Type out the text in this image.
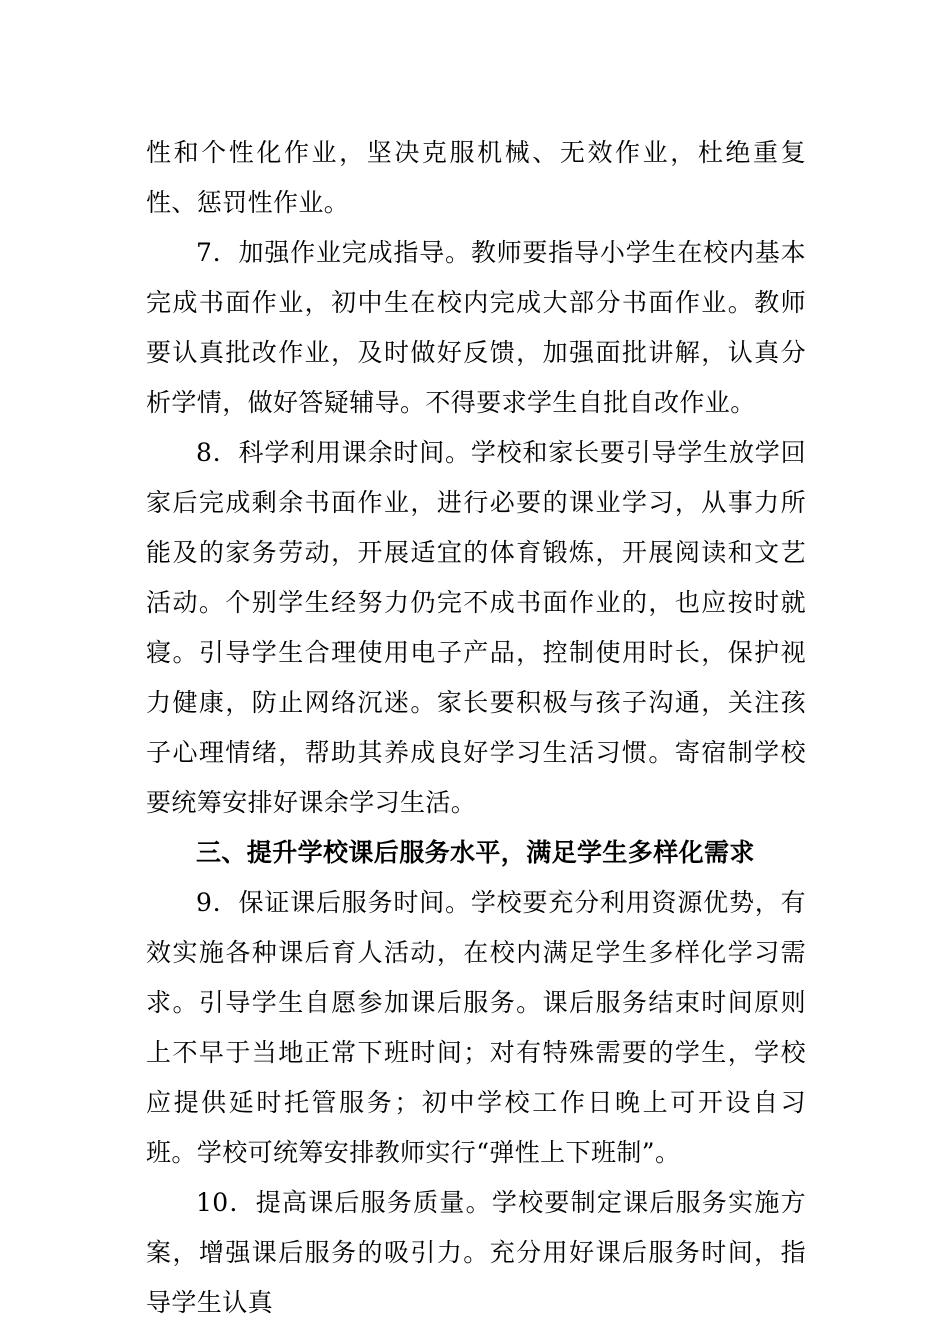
性和个性化作业，坚决克服机械、无效作业，杜绝重复性、惩罚性作业。

7．加强作业完成指导。教师要指导小学生在校内基本完成书面作业，初中生在校内完成大部分书面作业。教师要认真批改作业，及时做好反馈，加强面批讲解，认真分析学情，做好答疑辅导。不得要求学生自批自改作业。

8．科学利用课余时间。学校和家长要引导学生放学回家后完成剩余书面作业，进行必要的课业学习，从事力所能及的家务劳动，开展适宜的体育锻炼，开展阅读和文艺活动。个别学生经努力仍完不成书面作业的，也应按时就寝。引导学生合理使用电子产品，控制使用时长，保护视力健康，防止网络沉迷。家长要积极与孩子沟通，关注孩子心理情绪，帮助其养成良好学习生活习惯。寄宿制学校要统筹安排好课余学习生活。

三、提升学校课后服务水平，满足学生多样化需求

9．保证课后服务时间。学校要充分利用资源优势，有效实施各种课后育人活动，在校内满足学生多样化学习需求。引导学生自愿参加课后服务。课后服务结束时间原则上不早于当地正常下班时间；对有特殊需要的学生，学校应提供延时托管服务；初中学校工作日晚上可开设自习班。学校可统筹安排教师实行“弹性上下班制”。

10．提高课后服务质量。学校要制定课后服务实施方案，增强课后服务的吸引力。充分用好课后服务时间，指导学生认真
